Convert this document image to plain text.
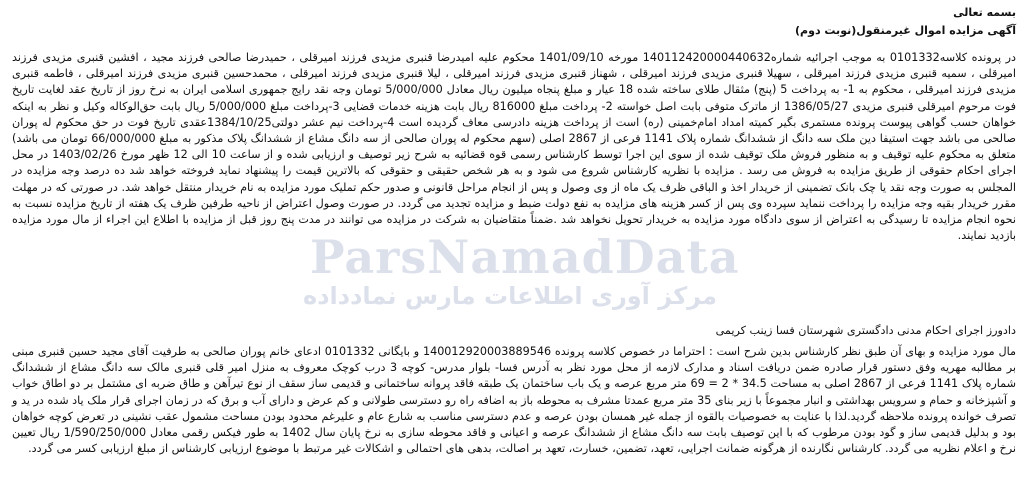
بسمه تعالی
آگهی مزایده اموال غیرمنقول(نوبت دوم)
در پرونده کلاسه0101332 به موجب اجرائیه شماره140112420000440632 مورخه 1401/09/10 محکوم علیه امیدرضا قنبری مزیدی فرزند امیرقلی ، حمیدرضا صالحی فرزند مجید ، افشین قنبری مزیدی فرزند امیرقلی ، سمیه قنبری مزیدی فرزند امیرقلی ، سهیلا قنبری مزیدی فرزند امیرقلی ، شهناز قنبری مزیدی فرزند امیرقلی ، لیلا قنبری مزیدی فرزند امیرقلی ، محمدحسین قنبری مزیدی فرزند امیرقلی ، فاطمه قنبری مزیدی فرزند امیرقلی ، محکوم به 1- به پرداخت 5 (پنج) مثقال طلای ساخته شده 18 عیار و مبلغ پنجاه میلیون ریال معادل 5/000/000 تومان وجه نقد رایج جمهوری اسلامی ایران به نرخ روز از تاریخ عقد لغایت تاریخ فوت مرحوم امیرقلی قنبری مزیدی 1386/05/27 از ماترک متوفی بابت اصل خواسته 2- پرداخت مبلغ 816000 ریال بابت هزینه خدمات قضایی 3-پرداخت مبلغ 5/000/000 ریال بابت حق‌الوکاله وکیل و نظر به اینکه خواهان حسب گواهی پیوست پرونده مستمری بگیر کمیته امداد امام‌خمینی (ره) است از پرداخت هزینه دادرسی معاف گردیده است 4-پرداخت نیم عشر دولتی1384/10/25عقدی تاریخ فوت در حق محکوم له پوران صالحی می باشد جهت استیفا دین ملک سه دانگ از ششدانگ شماره پلاک 1141 فرعی از 2867 اصلی (سهم محکوم له پوران صالحی از سه دانگ مشاع از ششدانگ پلاک مذکور به مبلغ 66/000/000 تومان می باشد) متعلق به محکوم علیه توقیف و به منظور فروش ملک توقیف شده از سوی این اجرا توسط کارشناس رسمی قوه قضائیه به شرح زیر توصیف و ارزیابی شده و از ساعت 10 الی 12 ظهر مورخ 1403/02/26 در محل اجرای احکام حقوقی از طریق مزایده به فروش می رسد . مزایده با نظریه کارشناس شروع می شود و به هر شخص حقیقی و حقوقی که بالاترین قیمت را پیشنهاد نماید فروخته خواهد شد ده درصد وجه مزایده در المجلس به صورت وجه نقد یا چک بانک تضمینی از خریدار اخذ و الباقی ظرف یک ماه از وی وصول و پس از انجام مراحل قانونی و صدور حکم تملیک مورد مزایده به نام خریدار منتقل خواهد شد. در صورتی که در مهلت مقرر خریدار بقیه وجه مزایده را پرداخت ننماید سپرده وی پس از کسر هزینه های مزایده به نفع دولت ضبط و مزایده تجدید می گردد. در صورت وصول اعتراض از ناحیه طرفین ظرف یک هفته از تاریخ مزایده نسبت به نحوه انجام مزایده تا رسیدگی به اعتراض از سوی دادگاه مورد مزایده به خریدار تحویل نخواهد شد .ضمناً متقاضیان به شرکت در مزایده می توانند در مدت پنج روز قبل از مزایده با اطلاع این اجراء از مال مورد مزایده بازدید نمایند.
دادورز اجرای احکام مدنی دادگستری شهرستان فسا زینب کریمی
مال مورد مزایده و بهای آن طبق نظر کارشناس بدین شرح است : احتراما در خصوص کلاسه پرونده 140012920003889546 و بایگانی 0101332 ادعای خانم پوران صالحی به طرفیت آقای مجید حسین قنبری مبنی بر مطالبه مهریه وفق دستور قرار صادره ضمن دریافت اسناد و مدارک لازمه از محل مورد نظر به آدرس فسا- بلوار مدرس- کوچه 3 درب کوچک معروف به منزل امیر قلی قنبری مالک سه دانگ مشاع از ششدانگ شماره پلاک 1141 فرعی از 2867 اصلی به مساحت 34.5 * 2 = 69 متر مربع عرصه و یک باب ساختمان یک طبقه فاقد پروانه ساختمانی و قدیمی ساز سقف از نوع تیرآهن و طاق ضربه ای مشتمل بر دو اطاق خواب و آشپزخانه و حمام و سرویس بهداشتی و انبار مجموعاً با زیر بنای 35 متر مربع عمدتا مشرف به محوطه باز به اضافه راه رو دسترسی طولانی و کم عرض و دارای آب و برق که در زمان اجرای قرار ملک یاد شده در ید و تصرف خوانده پرونده ملاحظه گردید.لذا با عنایت به خصوصیات بالقوه از جمله غیر همسان بودن عرصه و عدم دسترسی مناسب به شارع عام و علیرغم محدود بودن مساحت مشمول عقب نشینی در تعرض کوچه خواهان بود و بدلیل قدیمی ساز و گود بودن مرطوب که با این توصیف بابت سه دانگ مشاع از ششدانگ عرصه و اعیانی و فاقد محوطه سازی به نرخ پایان سال 1402 به طور فیکس رقمی معادل 1/590/250/000 ریال تعیین نرخ و اعلام نظریه می گردد. کارشناس نگارنده از هرگونه ضمانت اجرایی، تعهد، تضمین، خسارت، تعهد بر اصالت، بدهی های احتمالی و اشکالات غیر مرتبط با موضوع ارزیابی کارشناس از مبلغ ارزیابی کسر می گردد.
ParsNamadData
مرکز آوری اطلاعات مارس نمادداده
